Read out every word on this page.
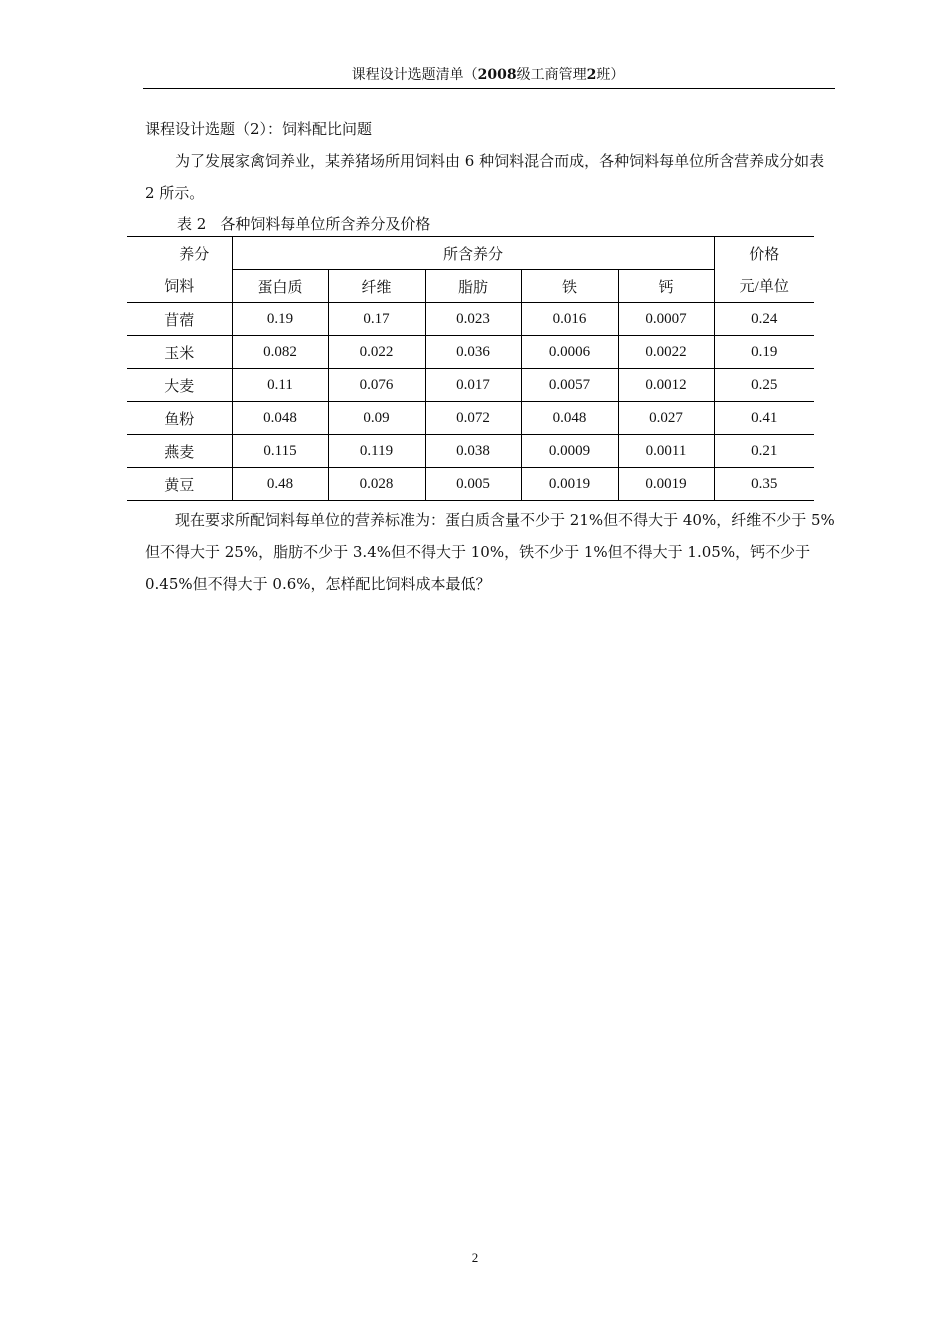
课程设计选题清单（2008级工商管理2班）
课程设计选题（2）：饲料配比问题
为了发展家禽饲养业，某养猪场所用饲料由 6 种饲料混合而成，各种饲料每单位所含营养成分如表 2 所示。
表 2 各种饲料每单位所含养分及价格
养分	所含养分					价格
饲料	蛋白质	纤维	脂肪	铁	钙	元/单位
苜蓿	0.19	0.17	0.023	0.016	0.0007	0.24
玉米	0.082	0.022	0.036	0.0006	0.0022	0.19
大麦	0.11	0.076	0.017	0.0057	0.0012	0.25
鱼粉	0.048	0.09	0.072	0.048	0.027	0.41
燕麦	0.115	0.119	0.038	0.0009	0.0011	0.21
黄豆	0.48	0.028	0.005	0.0019	0.0019	0.35
现在要求所配饲料每单位的营养标准为：蛋白质含量不少于 21%但不得大于 40%，纤维不少于 5%但不得大于 25%，脂肪不少于 3.4%但不得大于 10%，铁不少于 1%但不得大于 1.05%，钙不少于 0.45%但不得大于 0.6%，怎样配比饲料成本最低？
2
